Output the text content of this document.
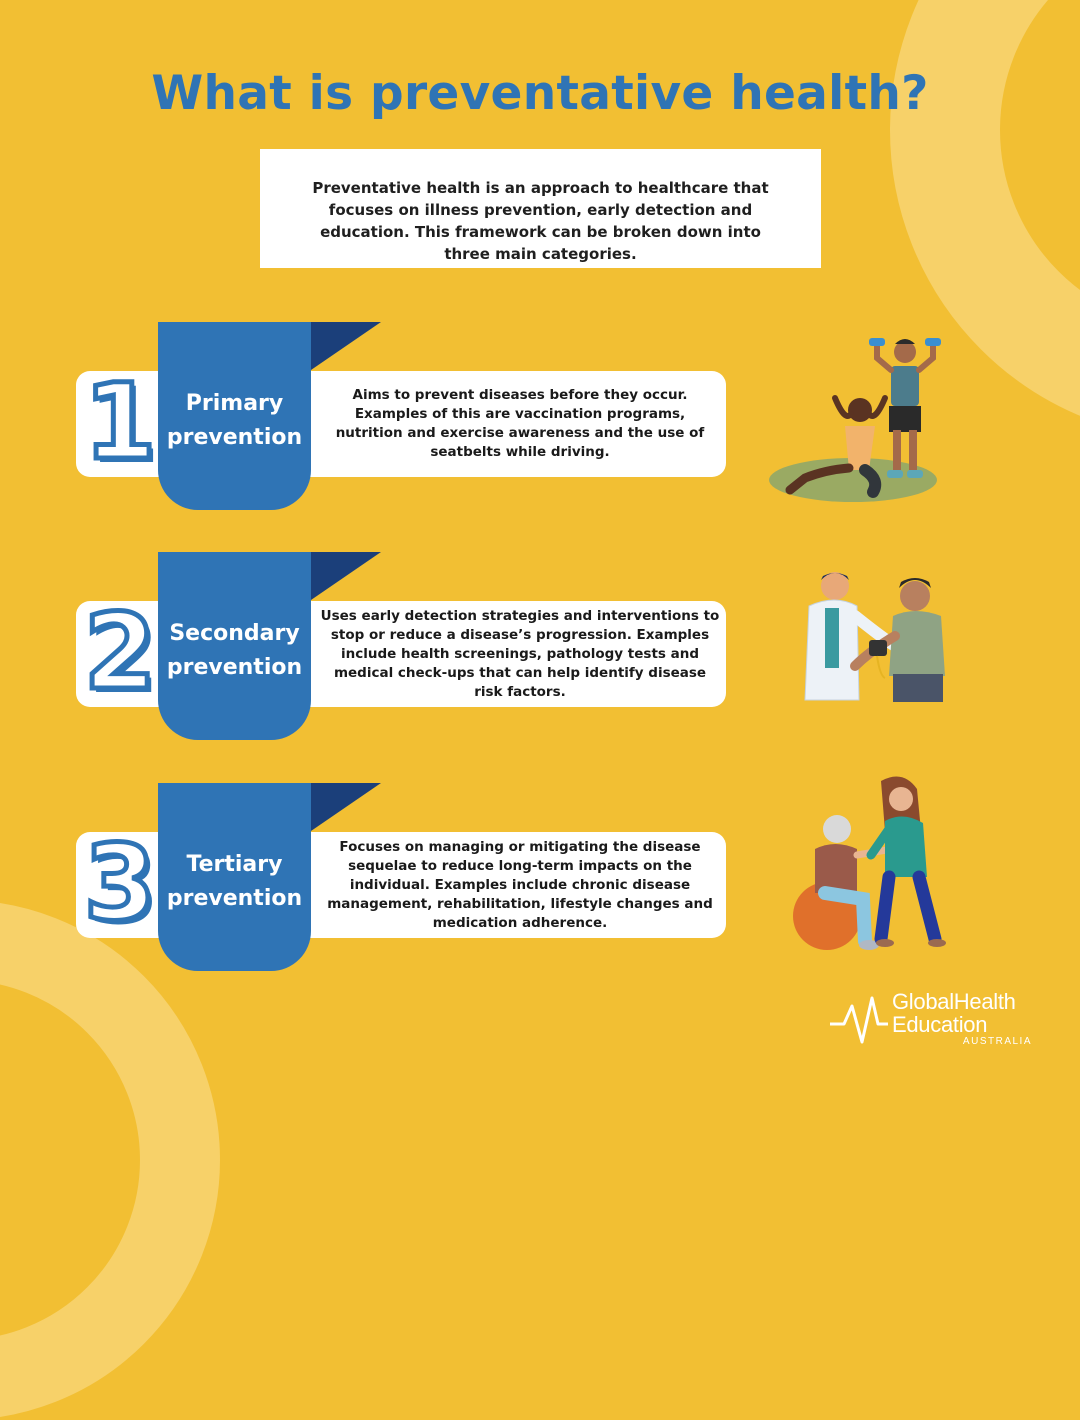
What is preventative health?
Preventative health is an approach to healthcare that focuses on illness prevention, early detection and education. This framework can be broken down into three main categories.
1	Primary
prevention
Aims to prevent diseases before they occur. Examples of this are vaccination programs, nutrition and exercise awareness and the use of seatbelts while driving.
2 Secondary
prevention
Uses early detection strategies and interventions to stop or reduce a disease’s progression. Examples include health screenings, pathology tests and medical check-ups that can help identify disease risk factors.
3	Tertiary
prevention
Focuses on managing or mitigating the disease sequelae to reduce long-term impacts on the individual. Examples include chronic disease management, rehabilitation, lifestyle changes and medication adherence.
GlobalHealth
Education
AUSTRALIA
